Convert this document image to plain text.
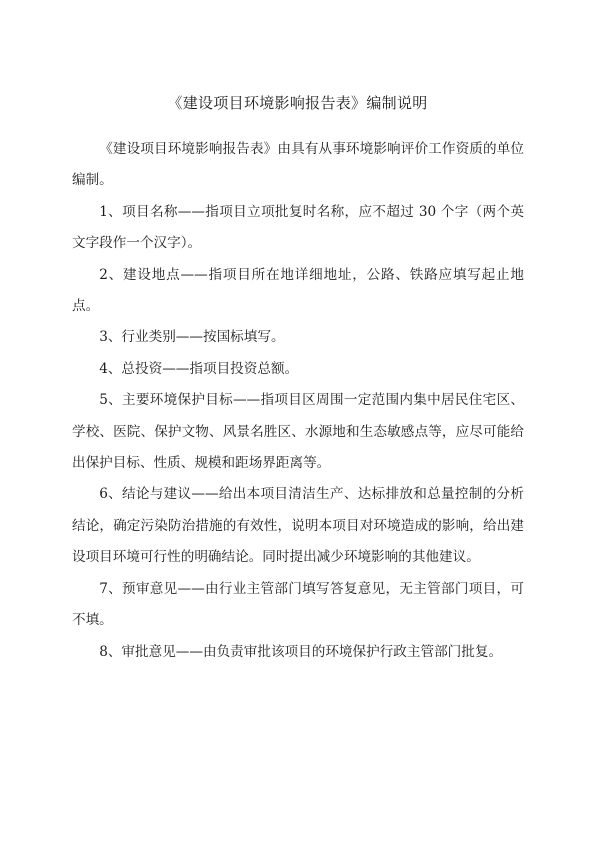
《建设项目环境影响报告表》编制说明

《建设项目环境影响报告表》由具有从事环境影响评价工作资质的单位编制。

1、项目名称——指项目立项批复时名称，应不超过 30 个字（两个英文字段作一个汉字）。

2、建设地点——指项目所在地详细地址，公路、铁路应填写起止地点。

3、行业类别——按国标填写。

4、总投资——指项目投资总额。

5、主要环境保护目标——指项目区周围一定范围内集中居民住宅区、学校、医院、保护文物、风景名胜区、水源地和生态敏感点等，应尽可能给出保护目标、性质、规模和距场界距离等。

6、结论与建议——给出本项目清洁生产、达标排放和总量控制的分析结论，确定污染防治措施的有效性，说明本项目对环境造成的影响，给出建设项目环境可行性的明确结论。同时提出减少环境影响的其他建议。

7、预审意见——由行业主管部门填写答复意见，无主管部门项目，可不填。

8、审批意见——由负责审批该项目的环境保护行政主管部门批复。
